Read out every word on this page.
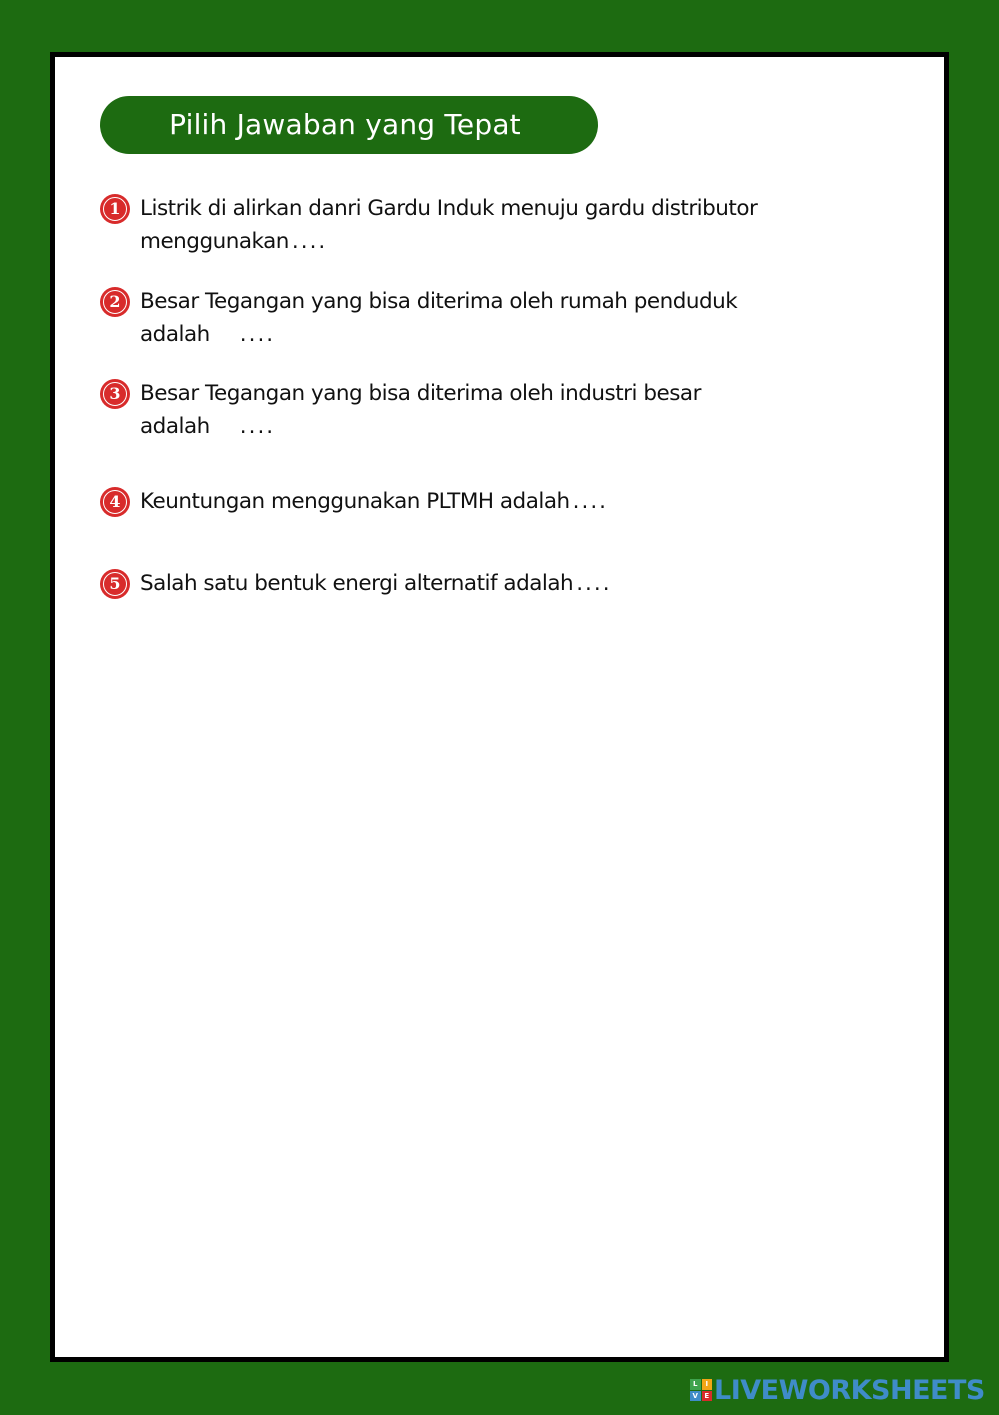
Pilih Jawaban yang Tepat
1 Listrik di alirkan danri Gardu Induk menuju gardu distributor
menggunakan ....
2 Besar Tegangan yang bisa diterima oleh rumah penduduk
adalah ....
3 Besar Tegangan yang bisa diterima oleh industri besar
adalah ....
4 Keuntungan menggunakan PLTMH adalah ....
5 Salah satu bentuk energi alternatif adalah ....
L	I
V E LIVEWORKSHEETS
